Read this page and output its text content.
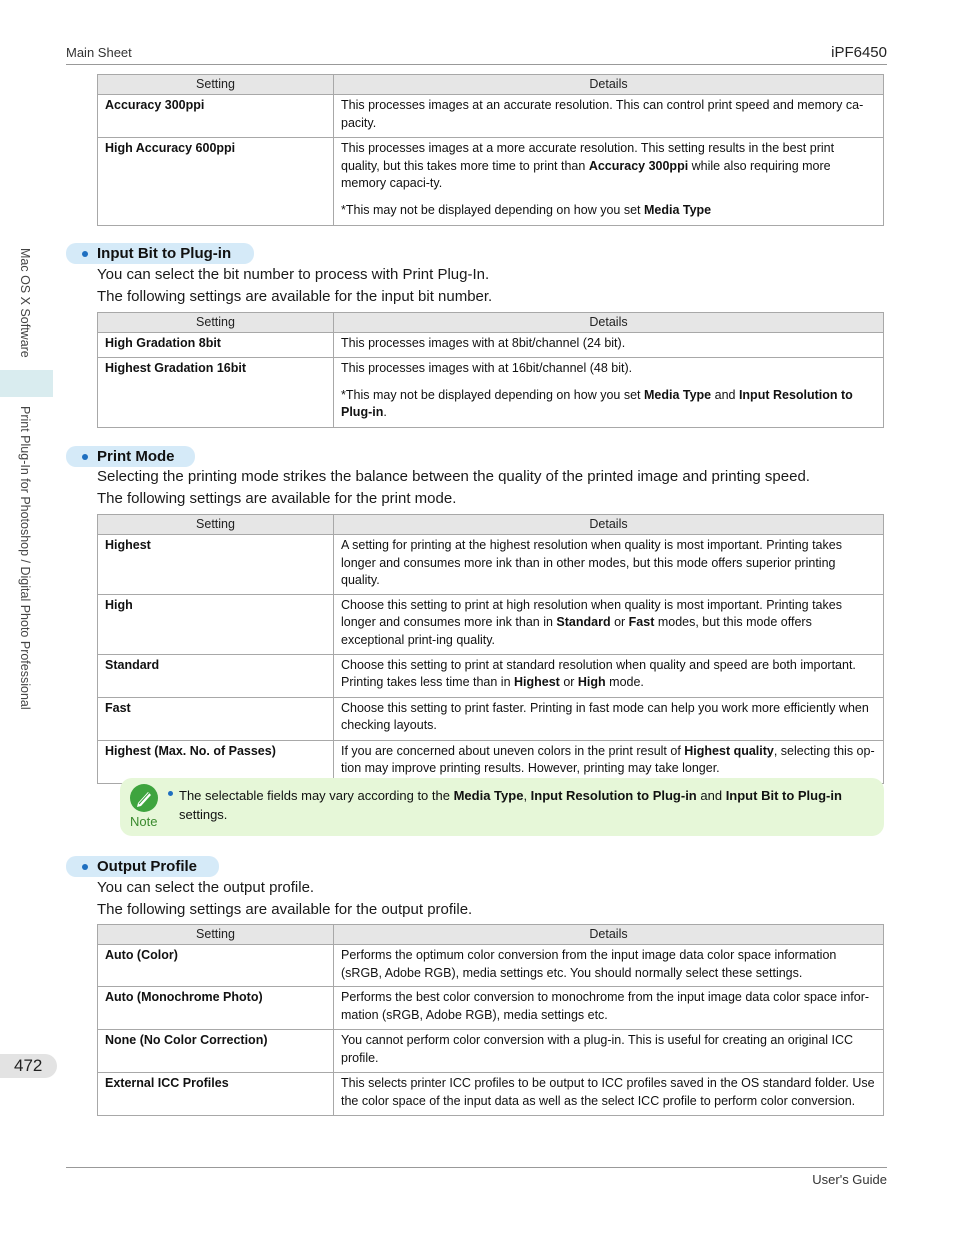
Main Sheet	iPF6450
User's Guide
Mac OS X Software
Print Plug-In for Photoshop / Digital Photo Professional
472
Setting	Details
Accuracy 300ppi	This processes images at an accurate resolution. This can control print speed and memory ca-pacity.

High Accuracy 600ppi	This processes images at a more accurate resolution. This setting results in the best print quality, but this takes more time to print than Accuracy 300ppi while also requiring more memory capaci-ty.

*This may not be displayed depending on how you set Media Type

Input Bit to Plug-in
You can select the bit number to process with Print Plug-In.
The following settings are available for the input bit number.
Setting	Details
High Gradation 8bit	This processes images with at 8bit/channel (24 bit).

Highest Gradation 16bit	This processes images with at 16bit/channel (48 bit).

*This may not be displayed depending on how you set Media Type and Input Resolution to Plug-in.

Print Mode
Selecting the printing mode strikes the balance between the quality of the printed image and printing speed.
The following settings are available for the print mode.
Setting	Details
Highest	A setting for printing at the highest resolution when quality is most important. Printing takes longer and consumes more ink than in other modes, but this mode offers superior printing quality.

High	Choose this setting to print at high resolution when quality is most important. Printing takes longer and consumes more ink than in Standard or Fast modes, but this mode offers exceptional print-ing quality.

Standard	Choose this setting to print at standard resolution when quality and speed are both important. Printing takes less time than in Highest or High mode.

Fast	Choose this setting to print faster. Printing in fast mode can help you work more efficiently when checking layouts.

Highest (Max. No. of Passes)	If you are concerned about uneven colors in the print result of Highest quality, selecting this op-tion may improve printing results. However, printing may take longer.

Note
The selectable fields may vary according to the Media Type, Input Resolution to Plug-in and Input Bit to Plug-in settings.
Output Profile
You can select the output profile.
The following settings are available for the output profile.
Setting	Details
Auto (Color)	Performs the optimum color conversion from the input image data color space information (sRGB, Adobe RGB), media settings etc. You should normally select these settings.

Auto (Monochrome Photo)	Performs the best color conversion to monochrome from the input image data color space infor-mation (sRGB, Adobe RGB), media settings etc.

None (No Color Correction)	You cannot perform color conversion with a plug-in. This is useful for creating an original ICC profile.

External ICC Profiles	This selects printer ICC profiles to be output to ICC profiles saved in the OS standard folder. Use the color space of the input data as well as the select ICC profile to perform color conversion.
